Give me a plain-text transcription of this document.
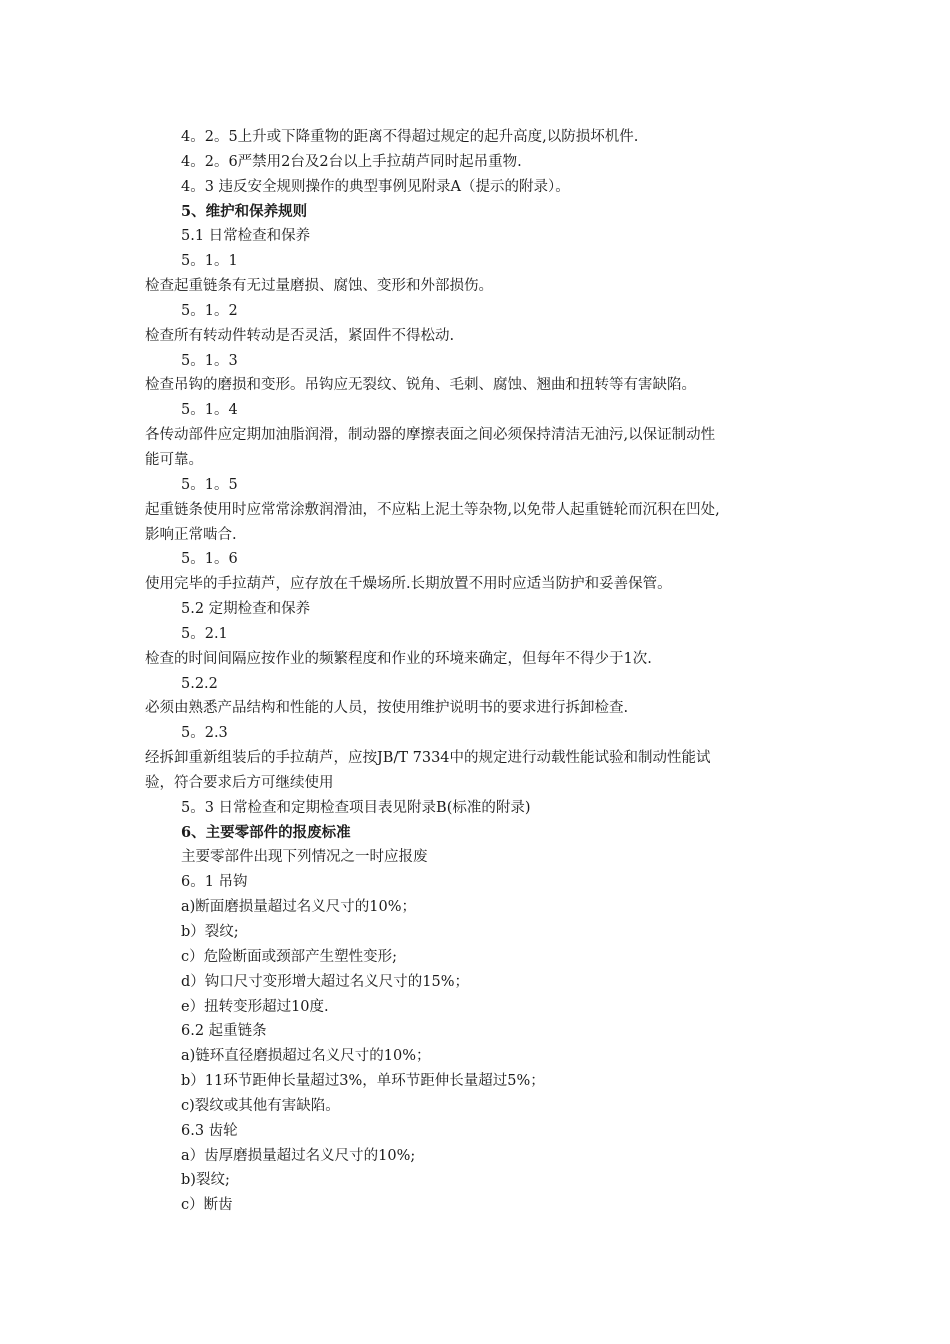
4。2。5上升或下降重物的距离不得超过规定的起升高度,以防损坏机件.
4。2。6严禁用2台及2台以上手拉葫芦同时起吊重物.
4。3 违反安全规则操作的典型事例见附录A（提示的附录）。
5、维护和保养规则
5.1 日常检查和保养
5。1。1
检查起重链条有无过量磨损、腐蚀、变形和外部损伤。
5。1。2
检查所有转动件转动是否灵活，紧固件不得松动.
5。1。3
检查吊钩的磨损和变形。吊钩应无裂纹、锐角、毛刺、腐蚀、翘曲和扭转等有害缺陷。
5。1。4
各传动部件应定期加油脂润滑，制动器的摩擦表面之间必须保持清洁无油污,以保证制动性
能可靠。
5。1。5
起重链条使用时应常常涂敷润滑油，不应粘上泥土等杂物,以免带人起重链轮而沉积在凹处,
影响正常啮合.
5。1。6
使用完毕的手拉葫芦，应存放在千燥场所.长期放置不用时应适当防护和妥善保管。
5.2 定期检查和保养
5。2.1
检查的时间间隔应按作业的频繁程度和作业的环境来确定，但每年不得少于1次.
5.2.2
必须由熟悉产品结构和性能的人员，按使用维护说明书的要求进行拆卸检查.
5。2.3
经拆卸重新组装后的手拉葫芦，应按JB/T 7334中的规定进行动载性能试验和制动性能试
验，符合要求后方可继续使用
5。3 日常检查和定期检查项目表见附录B(标准的附录)
6、主要零部件的报废标准
主要零部件出现下列情况之一时应报废
6。1 吊钩
a)断面磨损量超过名义尺寸的10%；
b）裂纹;
c）危险断面或颈部产生塑性变形;
d）钩口尺寸变形增大超过名义尺寸的15%；
e）扭转变形超过10度.
6.2 起重链条
a)链环直径磨损超过名义尺寸的10%；
b）11环节距伸长量超过3%，单环节距伸长量超过5%；
c)裂纹或其他有害缺陷。
6.3 齿轮
a）齿厚磨损量超过名义尺寸的10%;
b)裂纹;
c）断齿
